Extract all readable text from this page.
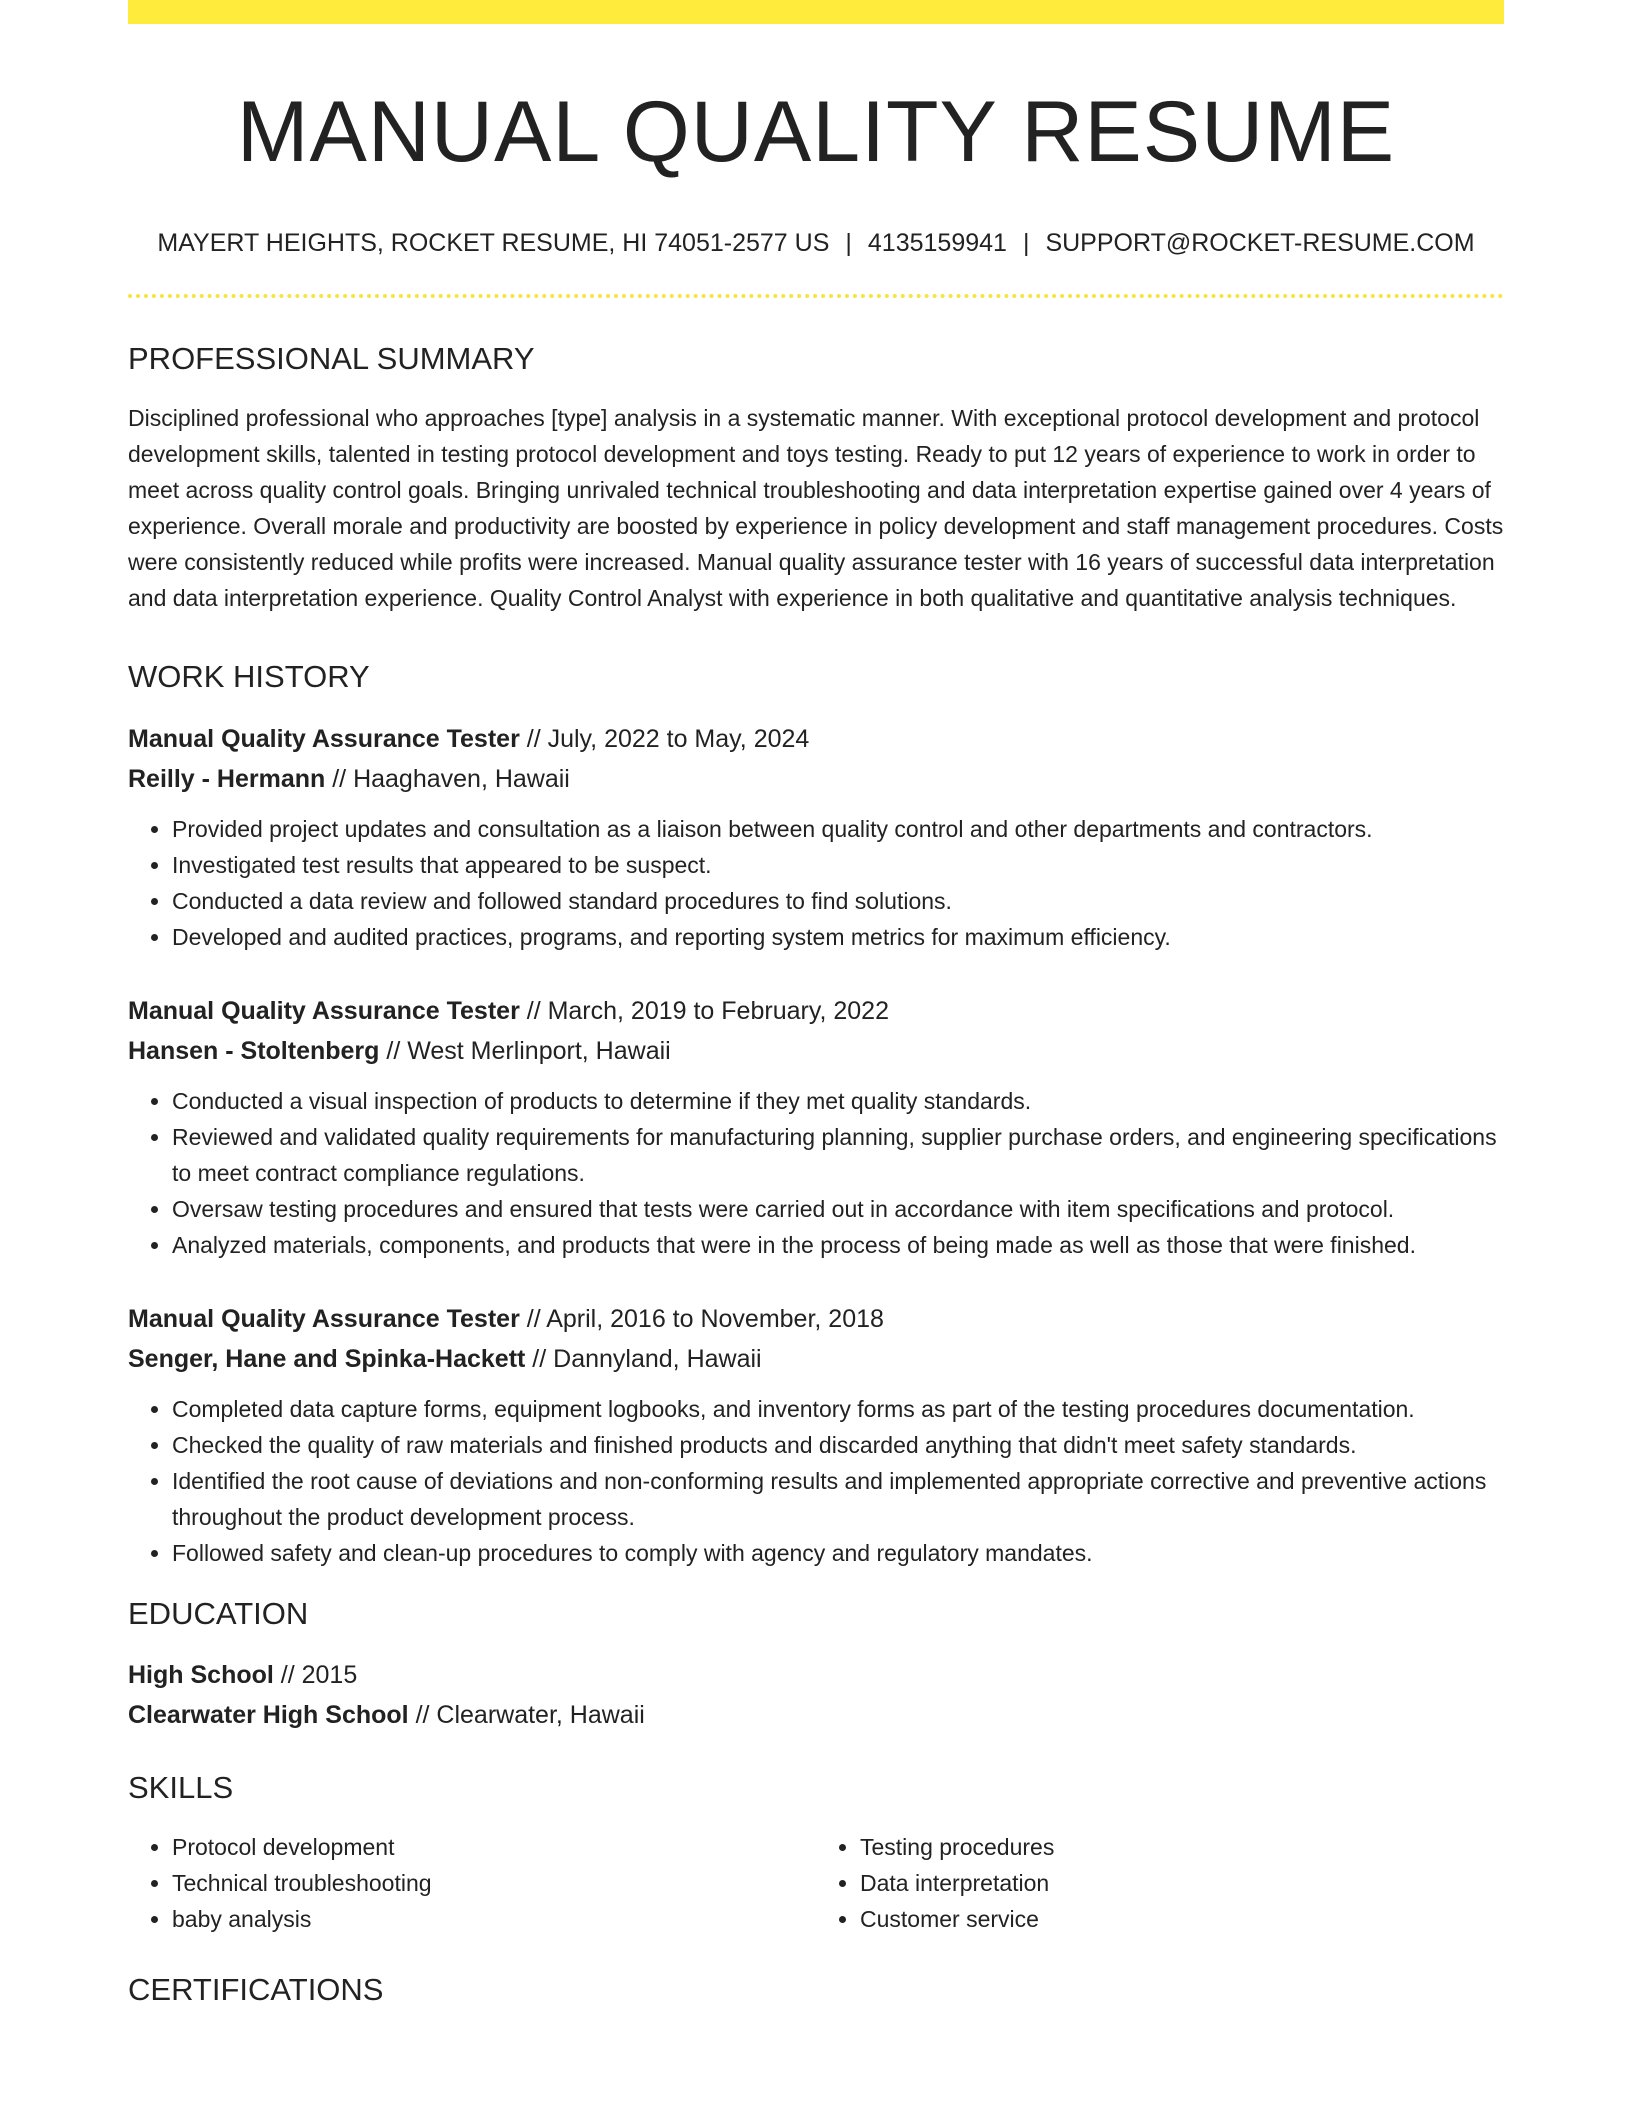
MANUAL QUALITY RESUME
MAYERT HEIGHTS, ROCKET RESUME, HI 74051-2577 US | 4135159941 | SUPPORT@ROCKET-RESUME.COM
PROFESSIONAL SUMMARY

Disciplined professional who approaches [type] analysis in a systematic manner. With exceptional protocol development and protocol development skills, talented in testing protocol development and toys testing. Ready to put 12 years of experience to work in order to meet across quality control goals. Bringing unrivaled technical troubleshooting and data interpretation expertise gained over 4 years of experience. Overall morale and productivity are boosted by experience in policy development and staff management procedures. Costs were consistently reduced while profits were increased. Manual quality assurance tester with 16 years of successful data interpretation and data interpretation experience. Quality Control Analyst with experience in both qualitative and quantitative analysis techniques.

WORK HISTORY
Manual Quality Assurance Tester // July, 2022 to May, 2024
Reilly - Hermann // Haaghaven, Hawaii
• Provided project updates and consultation as a liaison between quality control and other departments and contractors.
• Investigated test results that appeared to be suspect.
• Conducted a data review and followed standard procedures to find solutions.
• Developed and audited practices, programs, and reporting system metrics for maximum efficiency.
Manual Quality Assurance Tester // March, 2019 to February, 2022
Hansen - Stoltenberg // West Merlinport, Hawaii
• Conducted a visual inspection of products to determine if they met quality standards.
• Reviewed and validated quality requirements for manufacturing planning, supplier purchase orders, and engineering specifications to meet contract compliance regulations.
• Oversaw testing procedures and ensured that tests were carried out in accordance with item specifications and protocol.
• Analyzed materials, components, and products that were in the process of being made as well as those that were finished.
Manual Quality Assurance Tester // April, 2016 to November, 2018
Senger, Hane and Spinka-Hackett // Dannyland, Hawaii
• Completed data capture forms, equipment logbooks, and inventory forms as part of the testing procedures documentation.
• Checked the quality of raw materials and finished products and discarded anything that didn't meet safety standards.
• Identified the root cause of deviations and non-conforming results and implemented appropriate corrective and preventive actions throughout the product development process.
• Followed safety and clean-up procedures to comply with agency and regulatory mandates.
EDUCATION
High School // 2015
Clearwater High School // Clearwater, Hawaii
SKILLS
• Protocol development
• Technical troubleshooting
• baby analysis
• Testing procedures
• Data interpretation
• Customer service
CERTIFICATIONS
